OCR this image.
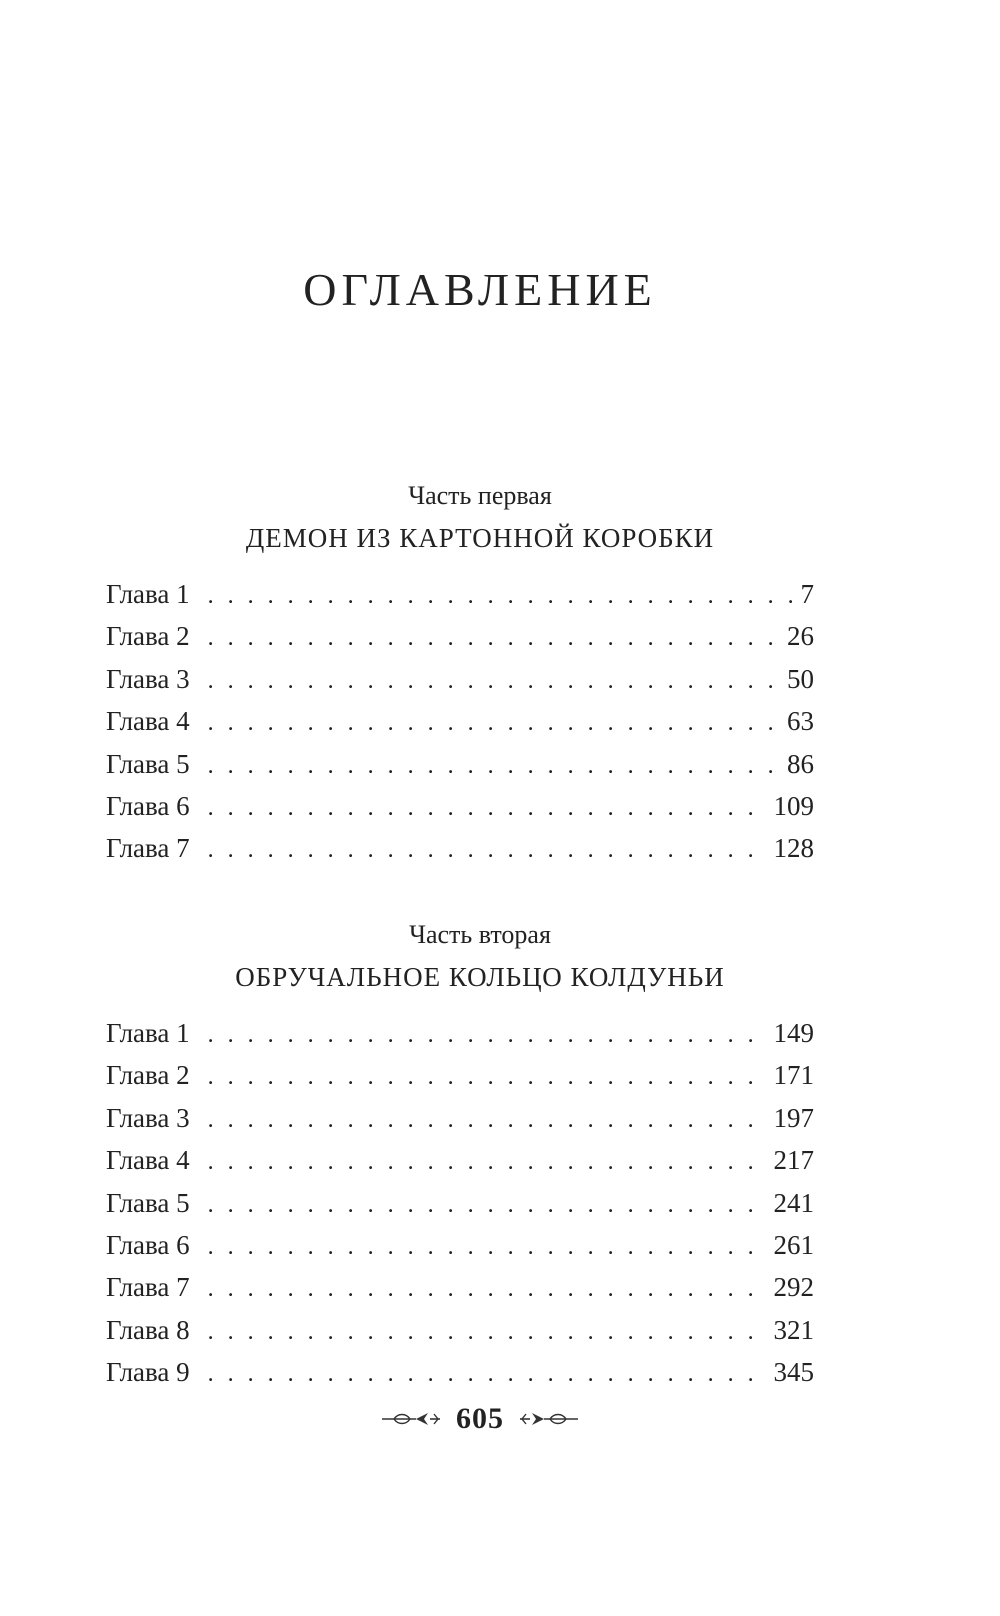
ОГЛАВЛЕНИЕ
Часть первая
ДЕМОН ИЗ КАРТОННОЙ КОРОБКИ
Глава 1 . . .	7
Глава 2 . . .	26
Глава 3 . . .	50
Глава 4 . . .	63
Глава 5 . . .	86
Глава 6 . . .	109
Глава 7 . . .	128
Часть вторая
ОБРУЧАЛЬНОЕ КОЛЬЦО КОЛДУНЬИ
Глава 1 . . .	149
Глава 2 . . .	171
Глава 3 . . .	197
Глава 4 . . .	217
Глава 5 . . .	241
Глава 6 . . .	261
Глава 7 . . .	292
Глава 8 . . .	321
Глава 9 . . .	345
605
